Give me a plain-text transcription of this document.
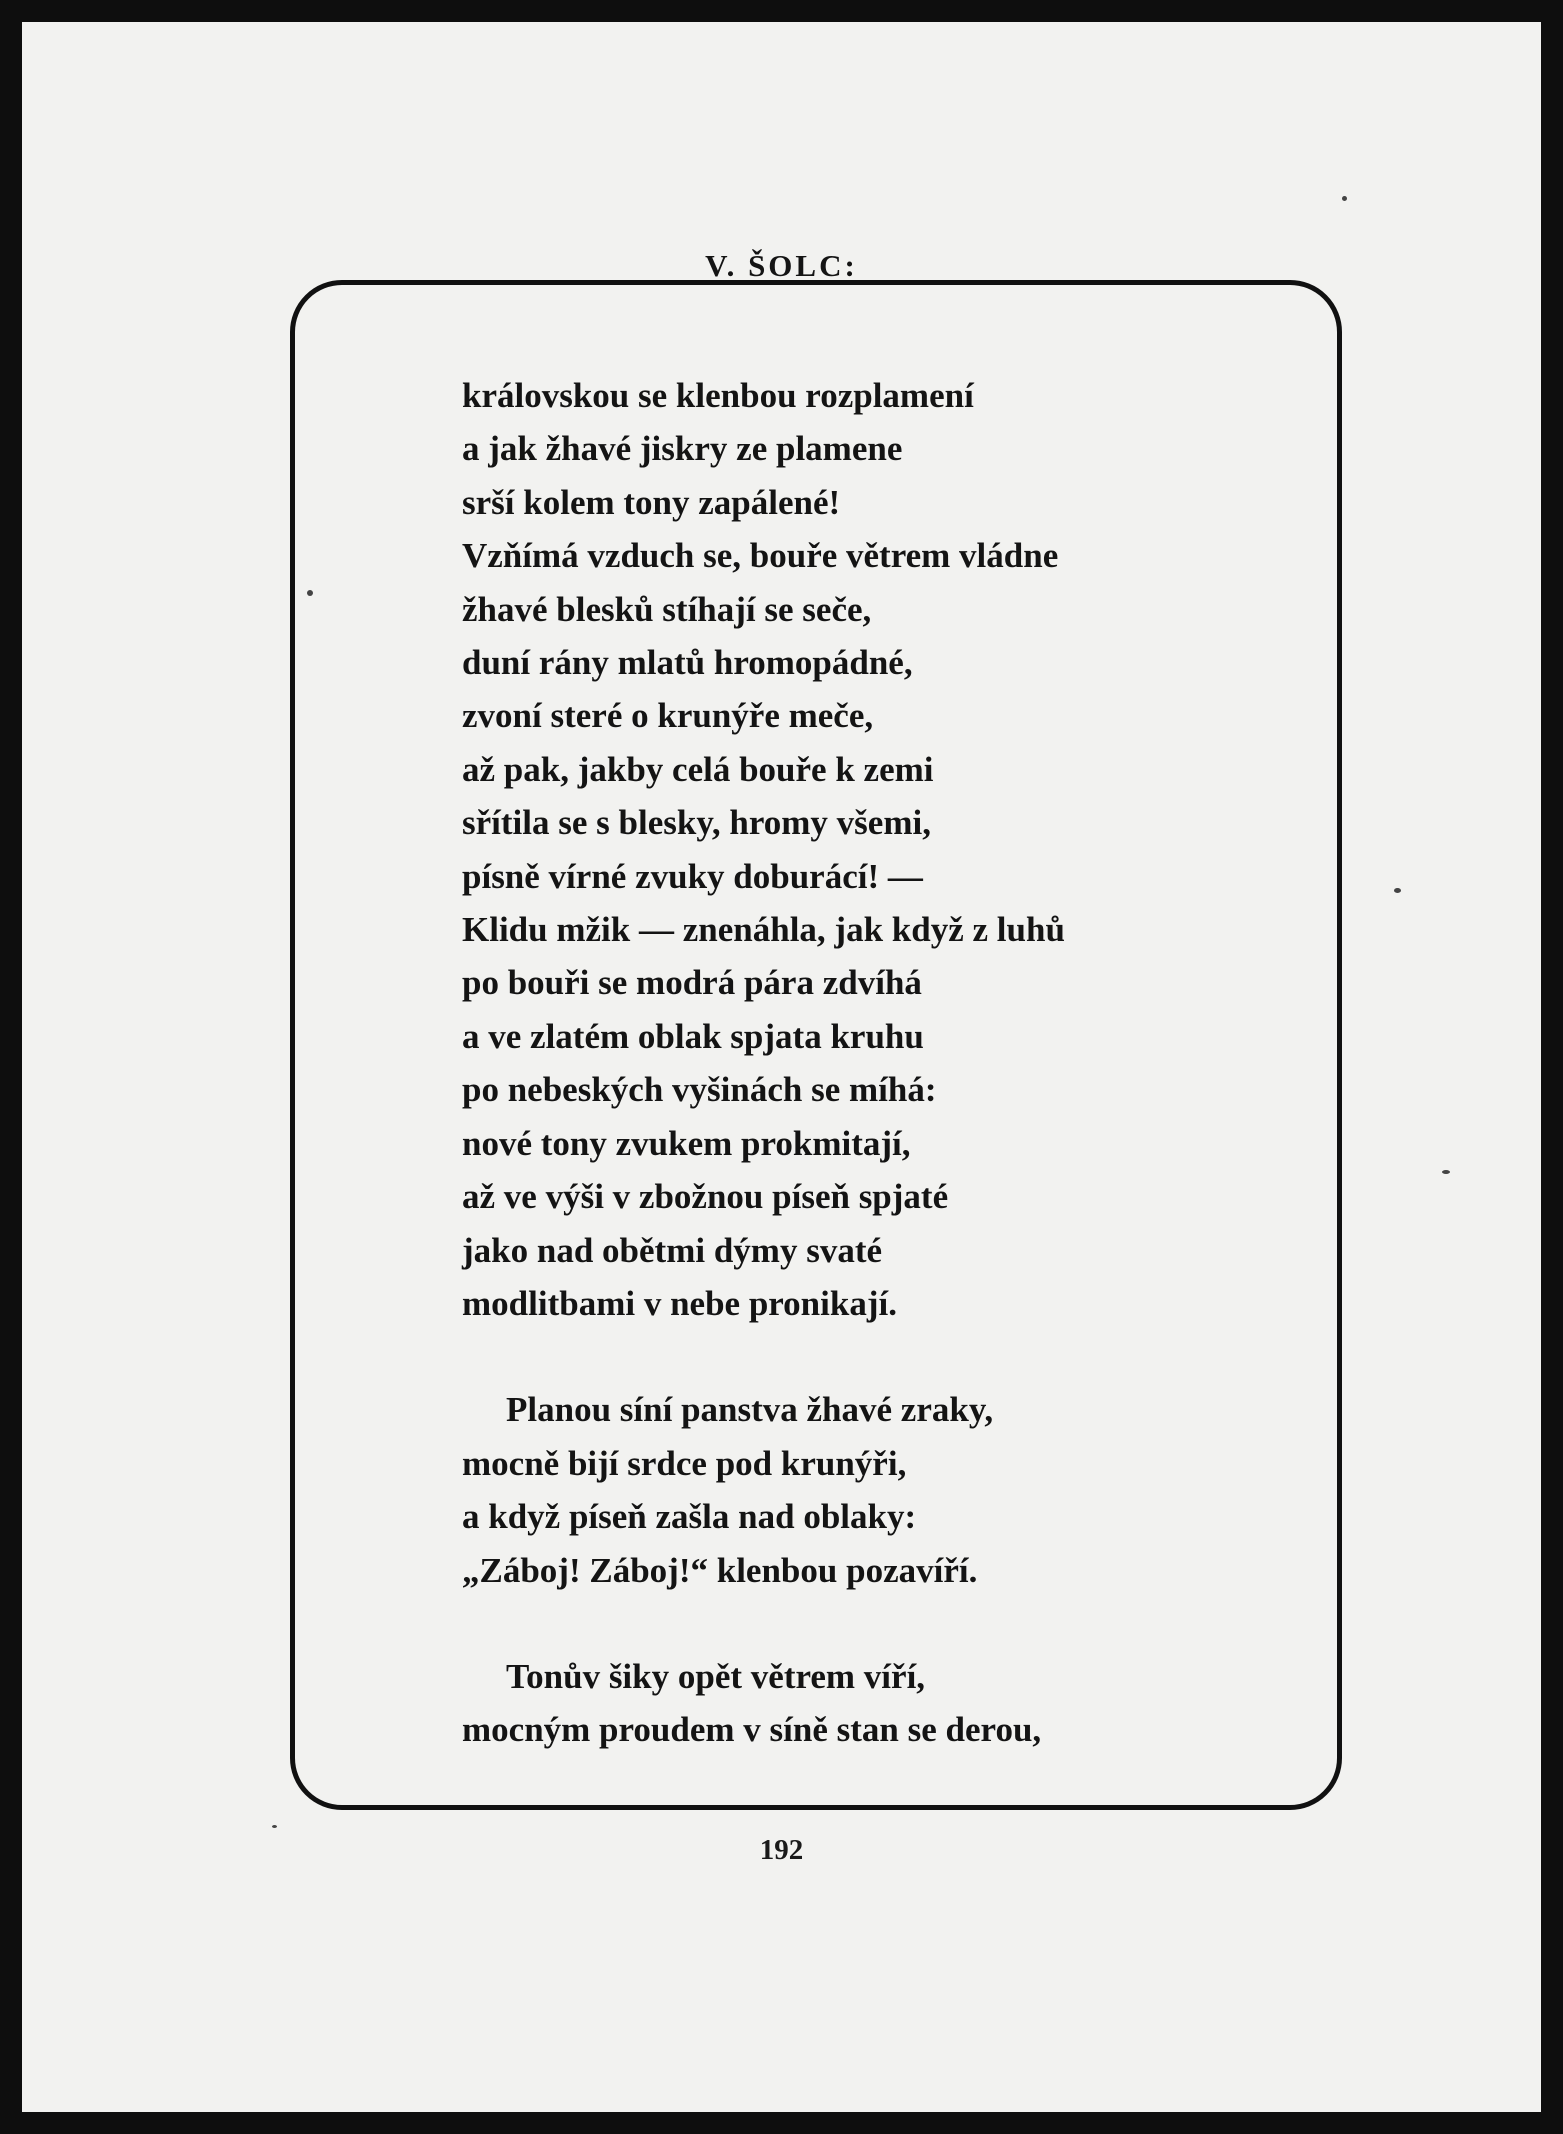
V. ŠOLC:
královskou se klenbou rozplamení
a jak žhavé jiskry ze plamene
srší kolem tony zapálené!
Vzňímá vzduch se, bouře větrem vládne
žhavé blesků stíhají se seče,
duní rány mlatů hromopádné,
zvoní steré o krunýře meče,
až pak, jakby celá bouře k zemi
sřítila se s blesky, hromy všemi,
písně vírné zvuky doburácí! —
Klidu mžik — znenáhla, jak když z luhů
po bouři se modrá pára zdvíhá
a ve zlatém oblak spjata kruhu
po nebeských vyšinách se míhá:
nové tony zvukem prokmitají,
až ve výši v zbožnou píseň spjaté
jako nad obětmi dýmy svaté
modlitbami v nebe pronikají.
Planou síní panstva žhavé zraky,
mocně bijí srdce pod krunýři,
a když píseň zašla nad oblaky:
„Záboj! Záboj!“ klenbou pozavíří.
Tonův šiky opět větrem víří,
mocným proudem v síně stan se derou,
192
